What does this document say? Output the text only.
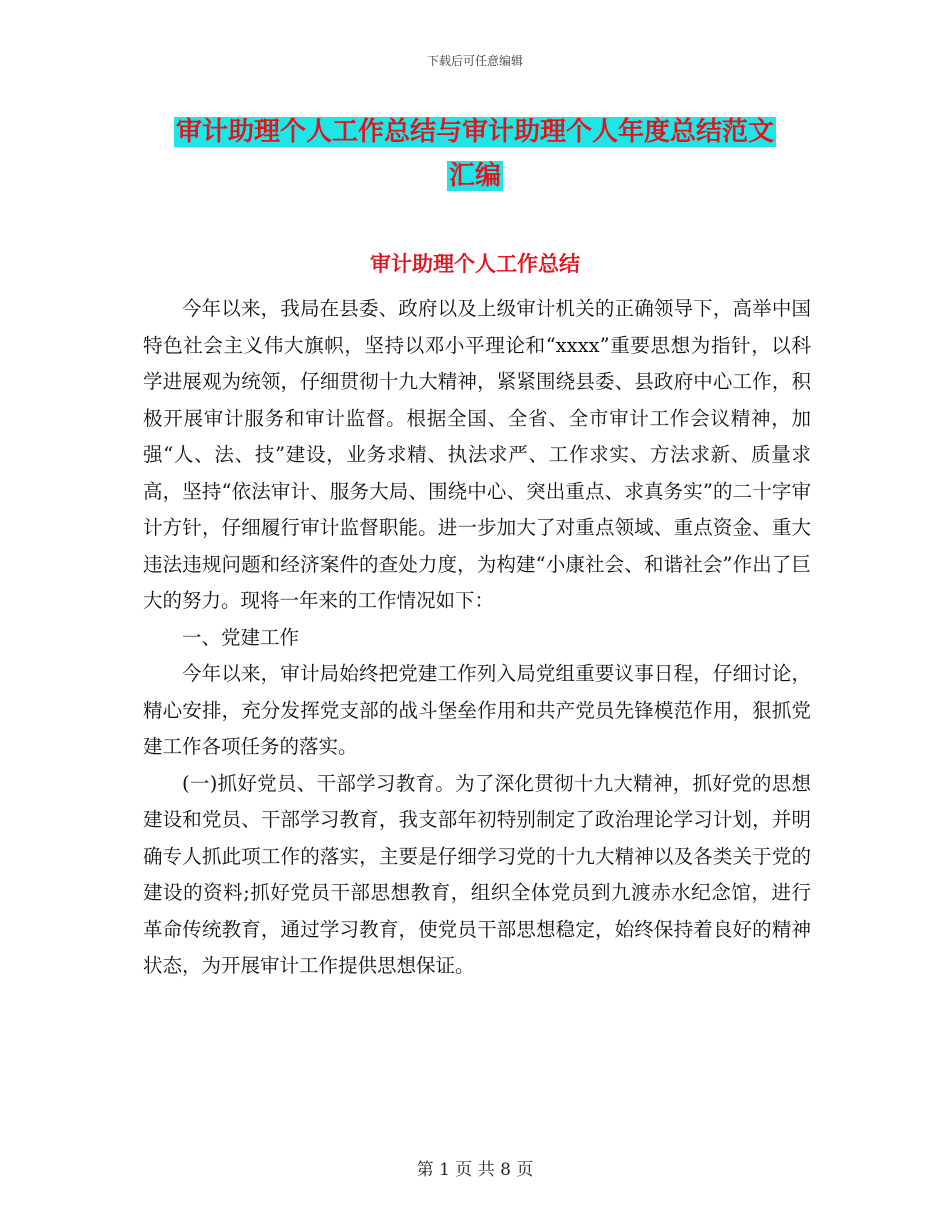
下载后可任意编辑
审计助理个人工作总结与审计助理个人年度总结范文
汇编
审计助理个人工作总结

今年以来，我局在县委、政府以及上级审计机关的正确领导下，高举中国特色社会主义伟大旗帜，坚持以邓小平理论和“xxxx”重要思想为指针，以科学进展观为统领，仔细贯彻十九大精神，紧紧围绕县委、县政府中心工作，积极开展审计服务和审计监督。根据全国、全省、全市审计工作会议精神，加强“人、法、技”建设，业务求精、执法求严、工作求实、方法求新、质量求高，坚持“依法审计、服务大局、围绕中心、突出重点、求真务实”的二十字审计方针，仔细履行审计监督职能。进一步加大了对重点领域、重点资金、重大违法违规问题和经济案件的查处力度，为构建“小康社会、和谐社会”作出了巨大的努力。现将一年来的工作情况如下：

一、党建工作

今年以来，审计局始终把党建工作列入局党组重要议事日程，仔细讨论，精心安排，充分发挥党支部的战斗堡垒作用和共产党员先锋模范作用，狠抓党建工作各项任务的落实。

(一)抓好党员、干部学习教育。为了深化贯彻十九大精神，抓好党的思想建设和党员、干部学习教育，我支部年初特别制定了政治理论学习计划，并明确专人抓此项工作的落实，主要是仔细学习党的十九大精神以及各类关于党的建设的资料;抓好党员干部思想教育，组织全体党员到九渡赤水纪念馆，进行革命传统教育，通过学习教育，使党员干部思想稳定，始终保持着良好的精神状态，为开展审计工作提供思想保证。

第 1 页 共 8 页
